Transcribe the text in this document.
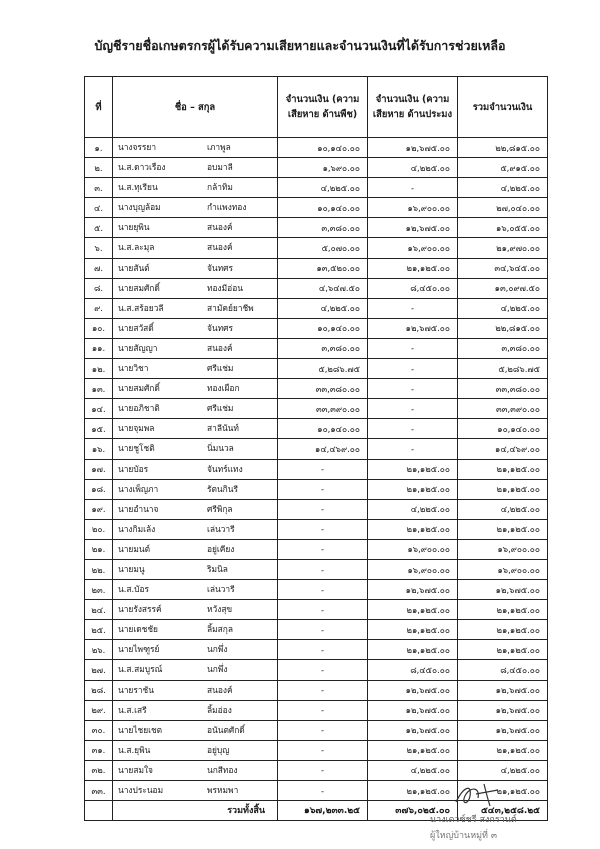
บัญชีรายชื่อเกษตรกรผู้ได้รับความเสียหายและจำนวนเงินที่ได้รับการช่วยเหลือ
ที่	ชื่อ – สกุล	จำนวนเงิน (ความเสียหาย ด้านพืช)	จำนวนเงิน (ความเสียหาย ด้านประมง	รวมจำนวนเงิน
๑.	นางจรรยา เภาพูล	๑๐,๑๔๐.๐๐	๑๒,๖๗๕.๐๐	๒๒,๘๑๕.๐๐
๒.	น.ส.ดาวเรือง อบมาลี	๑,๖๙๐.๐๐	๔,๒๒๕.๐๐	๕,๙๑๕.๐๐
๓.	น.ส.ทุเรียน กล้าทิม	๔,๒๒๕.๐๐	-	๔,๒๒๕.๐๐
๔.	นางบุญล้อม กำแพงทอง	๑๐,๑๔๐.๐๐	๑๖,๙๐๐.๐๐	๒๗,๐๔๐.๐๐
๕.	นายยุพิน สนองค์	๓,๓๘๐.๐๐	๑๒,๖๗๕.๐๐	๑๖,๐๕๕.๐๐
๖.	น.ส.ละมุล สนองค์	๕,๐๗๐.๐๐	๑๖,๙๐๐.๐๐	๒๑,๙๗๐.๐๐
๗.	นายสันต์ จันทศร	๑๓,๕๒๐.๐๐	๒๑,๑๒๕.๐๐	๓๔,๖๔๕.๐๐
๘.	นายสมศักดิ์ ทองมีอ่อน	๔,๖๔๗.๕๐	๘,๔๕๐.๐๐	๑๓,๐๙๗.๕๐
๙.	น.ส.สร้อยวลี สามัคย์ยาชีพ	๔,๒๒๕.๐๐	-	๔,๒๒๕.๐๐
๑๐.	นายสวัสดิ์ จันทศร	๑๐,๑๔๐.๐๐	๑๒,๖๗๕.๐๐	๒๒,๘๑๕.๐๐
๑๑.	นายสัญญา สนองค์	๓,๓๘๐.๐๐	-	๓,๓๘๐.๐๐
๑๒.	นายวิชา ศรีแช่ม	๕,๒๘๖.๗๕	-	๕,๒๘๖.๗๕
๑๓.	นายสมศักดิ์ ทองเผือก	๓๓,๓๘๐.๐๐	-	๓๓,๓๘๐.๐๐
๑๔.	นายอภิชาติ ศรีแช่ม	๓๓,๓๙๐.๐๐	-	๓๓,๓๙๐.๐๐
๑๕.	นายจุมพล สาลีนันท์	๑๐,๑๔๐.๐๐	-	๑๐,๑๔๐.๐๐
๑๖.	นายชูโชติ นิ่มนวล	๑๔,๔๖๙.๐๐	-	๑๔,๔๖๙.๐๐
๑๗.	นายบัอร จันทร์แทง	-	๒๑,๑๒๕.๐๐	๒๑,๑๒๕.๐๐
๑๘.	นางเพ็ญภา รัตนกินรี	-	๒๑,๑๒๕.๐๐	๒๑,๑๒๕.๐๐
๑๙.	นายอำนาจ ศรีพิกุล	-	๔,๒๒๕.๐๐	๔,๒๒๕.๐๐
๒๐.	นางกิมเล้ง เล่นวารี	-	๒๑,๑๒๕.๐๐	๒๑,๑๒๕.๐๐
๒๑.	นายมนต์ อยู่เคียง	-	๑๖,๙๐๐.๐๐	๑๖,๙๐๐.๐๐
๒๒.	นายมนู ริมนิล	-	๑๖,๙๐๐.๐๐	๑๖,๙๐๐.๐๐
๒๓.	น.ส.บัอร เล่นวารี	-	๑๒,๖๗๕.๐๐	๑๒,๖๗๕.๐๐
๒๔.	นายรังสรรค์ หวังสุข	-	๒๑,๑๒๕.๐๐	๒๑,๑๒๕.๐๐
๒๕.	นายเดชชัย ลิ้มสกุล	-	๒๑,๑๒๕.๐๐	๒๑,๑๒๕.๐๐
๒๖.	นายไพฑูรย์ นกพึ่ง	-	๒๑,๑๒๕.๐๐	๒๑,๑๒๕.๐๐
๒๗.	น.ส.สมบูรณ์ นกพึ่ง	-	๘,๔๕๐.๐๐	๘,๔๕๐.๐๐
๒๘.	นายราชัน สนองค์	-	๑๒,๖๗๕.๐๐	๑๒,๖๗๕.๐๐
๒๙.	น.ส.เสรี ลิ้มอ่อง	-	๑๒,๖๗๕.๐๐	๑๒,๖๗๕.๐๐
๓๐.	นายไชยเชต อนันตศักดิ์	-	๑๒,๖๗๕.๐๐	๑๒,๖๗๕.๐๐
๓๑.	น.ส.ยุพิน อยู่บุญ	-	๒๑,๑๒๕.๐๐	๒๑,๑๒๕.๐๐
๓๒.	นายสมใจ นกสีทอง	-	๔,๒๒๕.๐๐	๔,๒๒๕.๐๐
๓๓.	นางประนอม พรหมพา	-	๒๑,๑๒๕.๐๐	๒๑,๑๒๕.๐๐
	รวมทั้งสิ้น	๑๖๗,๒๓๓.๒๕	๓๗๖,๐๒๕.๐๐	๕๔๓,๒๕๘.๒๕
นางเดวซ์ชรี สงกรานต์
ผู้ใหญ่บ้านหมู่ที่ ๓
